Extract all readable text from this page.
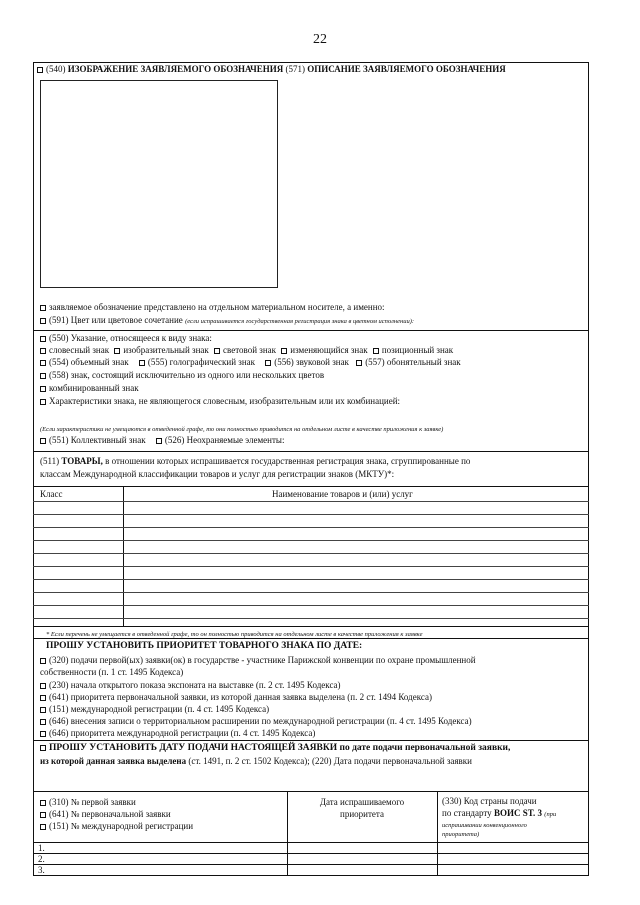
22
(540) ИЗОБРАЖЕНИЕ ЗАЯВЛЯЕМОГО ОБОЗНАЧЕНИЯ (571) ОПИСАНИЕ ЗАЯВЛЯЕМОГО ОБОЗНАЧЕНИЯ
заявляемое обозначение представлено на отдельном материальном носителе, а именно:
(591) Цвет или цветовое сочетание (если испрашивается государственная регистрация знака в цветном исполнении):
(550) Указание, относящееся к виду знака:
словесный знак изобразительный знак световой знак изменяющийся знак позиционный знак
(554) объемный знак (555) голографический знак (556) звуковой знак (557) обонятельный знак
(558) знак, состоящий исключительно из одного или нескольких цветов
комбинированный знак
Характеристики знака, не являющегося словесным, изобразительным или их комбинацией:
(Если характеристики не умещаются в отведенной графе, то они полностью приводится на отдельном листе в качестве приложения к заявке)
(551) Коллективный знак (526) Неохраняемые элементы:
(511) ТОВАРЫ, в отношении которых испрашивается государственная регистрация знака, сгруппированные по
классам Международной классификации товаров и услуг для регистрации знаков (МКТУ)*:
Класс	Наименование товаров и (или) услуг
* Если перечень не умещается в отведенной графе, то он полностью приводится на отдельном листе в качестве приложения к заявке
ПРОШУ УСТАНОВИТЬ ПРИОРИТЕТ ТОВАРНОГО ЗНАКА ПО ДАТЕ:
(320) подачи первой(ых) заявки(ок) в государстве - участнике Парижской конвенции по охране промышленной
собственности (п. 1 ст. 1495 Кодекса)
(230) начала открытого показа экспоната на выставке (п. 2 ст. 1495 Кодекса)
(641) приоритета первоначальной заявки, из которой данная заявка выделена (п. 2 ст. 1494 Кодекса)
(151) международной регистрации (п. 4 ст. 1495 Кодекса)
(646) внесения записи о территориальном расширении по международной регистрации (п. 4 ст. 1495 Кодекса)
(646) приоритета международной регистрации (п. 4 ст. 1495 Кодекса)
ПРОШУ УСТАНОВИТЬ ДАТУ ПОДАЧИ НАСТОЯЩЕЙ ЗАЯВКИ по дате подачи первоначальной заявки,
из которой данная заявка выделена (ст. 1491, п. 2 ст. 1502 Кодекса); (220) Дата подачи первоначальной заявки
(310) № первой заявки
(641) № первоначальной заявки
(151) № международной регистрации
Дата испрашиваемого
приоритета
(330) Код страны подачи
по стандарту ВОИС ST. 3 (при
испрашивании конвенционного
приоритета)
1.
2.
3.
